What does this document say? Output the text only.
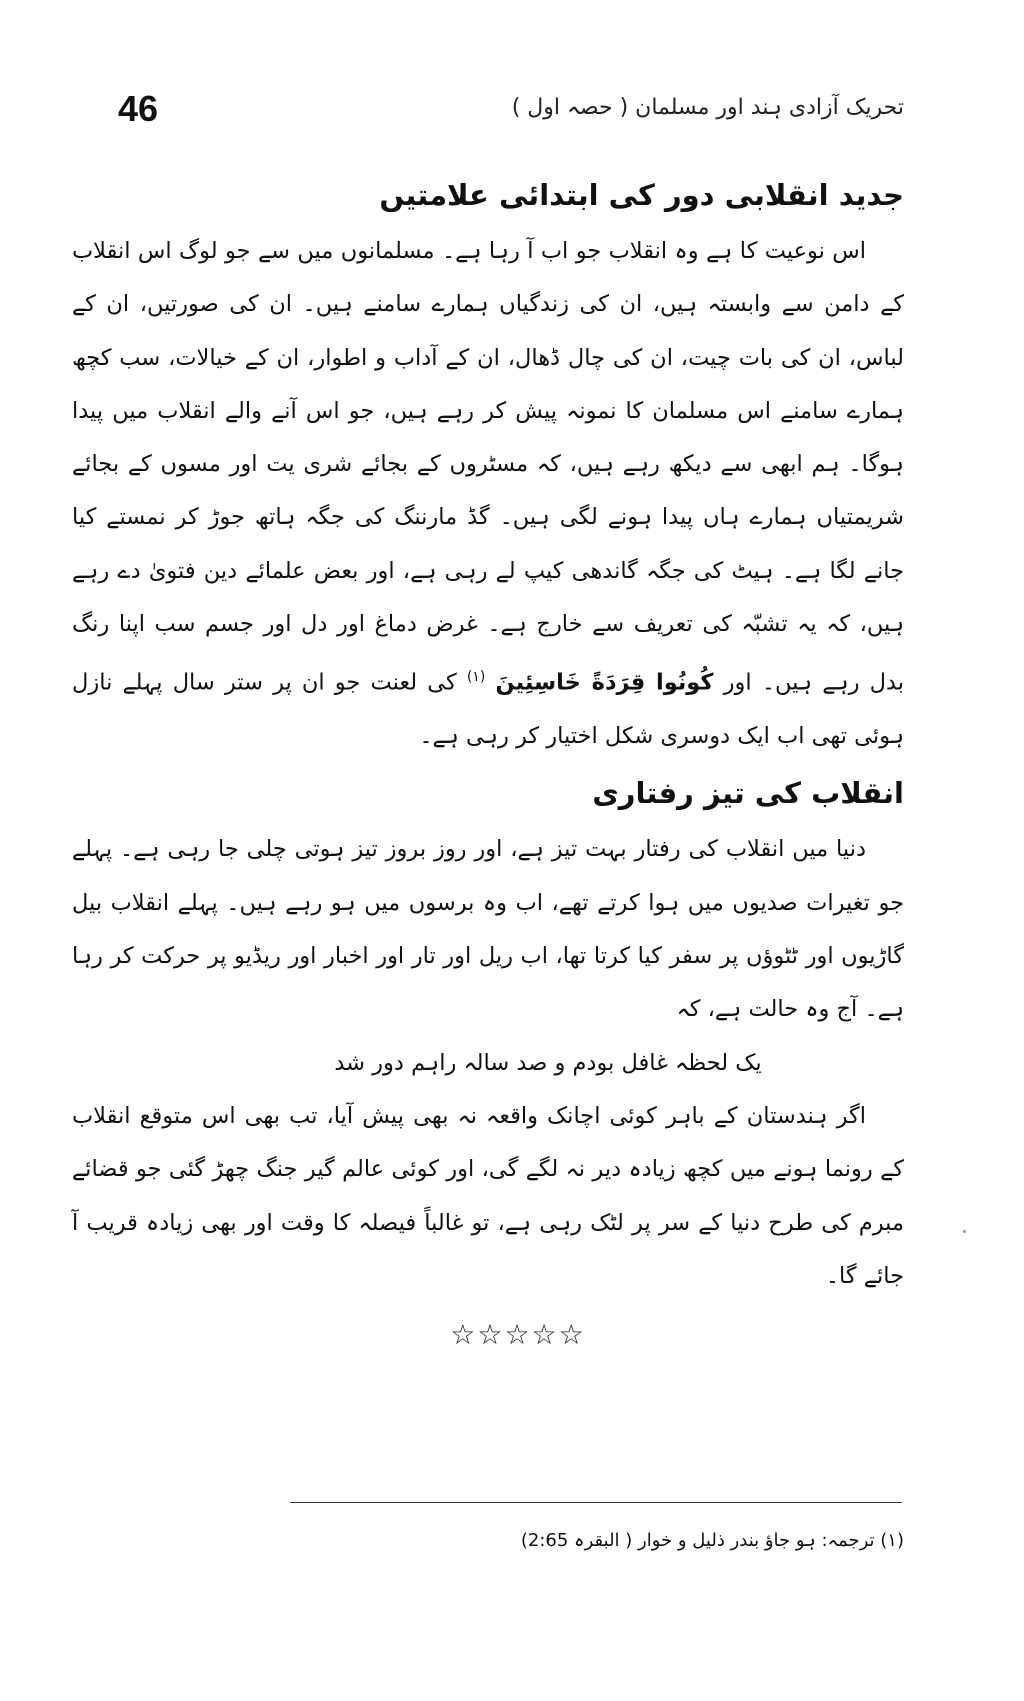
46	تحریک آزادی ہند اور مسلمان ( حصہ اول )
جدید انقلابی دور کی ابتدائی علامتیں

اس نوعیت کا ہے وہ انقلاب جو اب آ رہا ہے۔ مسلمانوں میں سے جو لوگ اس انقلاب کے دامن سے وابستہ ہیں، ان کی زندگیاں ہمارے سامنے ہیں۔ ان کی صورتیں، ان کے لباس، ان کی بات چیت، ان کی چال ڈھال، ان کے آداب و اطوار، ان کے خیالات، سب کچھ ہمارے سامنے اس مسلمان کا نمونہ پیش کر رہے ہیں، جو اس آنے والے انقلاب میں پیدا ہوگا۔ ہم ابھی سے دیکھ رہے ہیں، کہ مسٹروں کے بجائے شری یت اور مسوں کے بجائے شریمتیاں ہمارے ہاں پیدا ہونے لگی ہیں۔ گڈ مارننگ کی جگہ ہاتھ جوڑ کر نمستے کیا جانے لگا ہے۔ ہیٹ کی جگہ گاندھی کیپ لے رہی ہے، اور بعض علمائے دین فتویٰ دے رہے ہیں، کہ یہ تشبّہ کی تعریف سے خارج ہے۔ غرض دماغ اور دل اور جسم سب اپنا رنگ بدل رہے ہیں۔ اور كُونُوا قِرَدَةً خَاسِئِينَ $^{(۱)}$ کی لعنت جو ان پر ستر سال پہلے نازل ہوئی تھی اب ایک دوسری شکل اختیار کر رہی ہے۔

انقلاب کی تیز رفتاری

دنیا میں انقلاب کی رفتار بہت تیز ہے، اور روز بروز تیز ہوتی چلی جا رہی ہے۔ پہلے جو تغیرات صدیوں میں ہوا کرتے تھے، اب وہ برسوں میں ہو رہے ہیں۔ پہلے انقلاب بیل گاڑیوں اور ٹٹوؤں پر سفر کیا کرتا تھا، اب ریل اور تار اور اخبار اور ریڈیو پر حرکت کر رہا ہے۔ آج وہ حالت ہے، کہ

یک لحظہ غافل بودم و صد سالہ راہم دور شد

اگر ہندستان کے باہر کوئی اچانک واقعہ نہ بھی پیش آیا، تب بھی اس متوقع انقلاب کے رونما ہونے میں کچھ زیادہ دیر نہ لگے گی، اور کوئی عالم گیر جنگ چھڑ گئی جو قضائے مبرم کی طرح دنیا کے سر پر لٹک رہی ہے، تو غالباً فیصلہ کا وقت اور بھی زیادہ قریب آ جائے گا۔

☆☆☆☆☆
(۱) ترجمہ: ہو جاؤ بندر ذلیل و خوار ( البقرہ 2:65)
